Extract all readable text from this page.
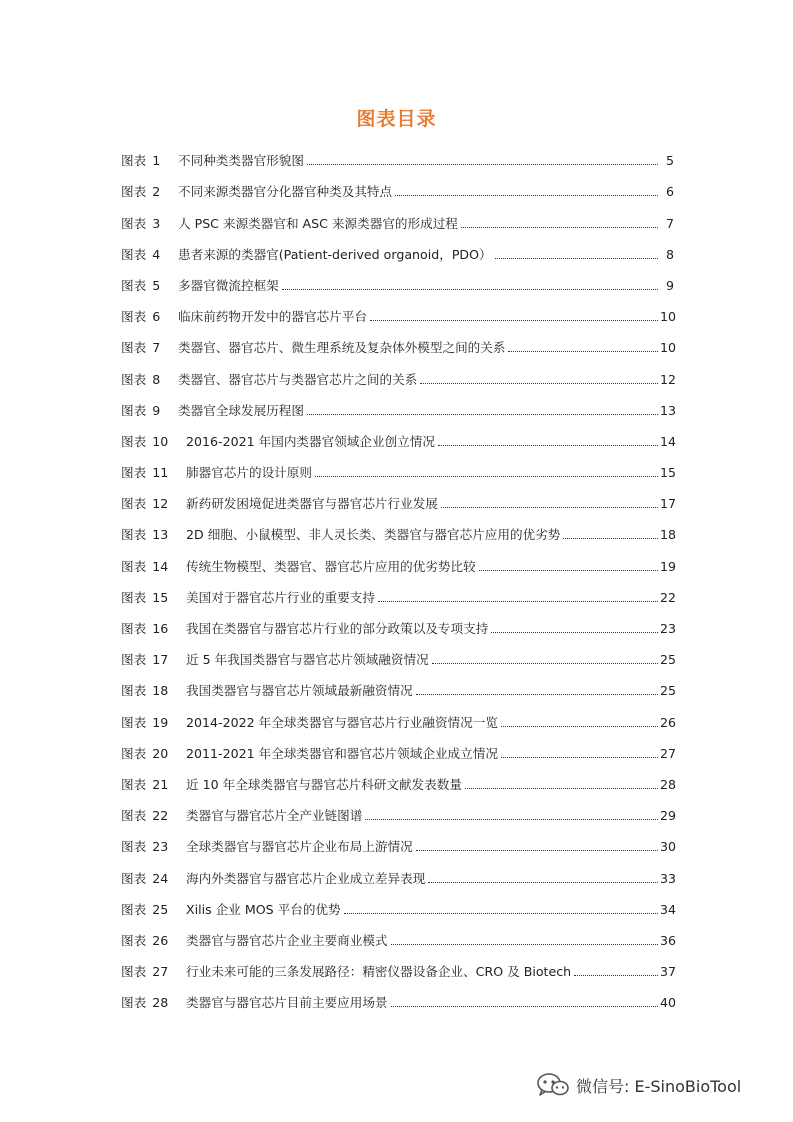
图表目录
图表 1 不同种类类器官形貌图	5
图表 2 不同来源类器官分化器官种类及其特点	6
图表 3 人 PSC 来源类器官和 ASC 来源类器官的形成过程	7
图表 4 患者来源的类器官(Patient-derived organoid，PDO）	8
图表 5 多器官微流控框架	9
图表 6 临床前药物开发中的器官芯片平台	10
图表 7 类器官、器官芯片、微生理系统及复杂体外模型之间的关系	10
图表 8 类器官、器官芯片与类器官芯片之间的关系	12
图表 9 类器官全球发展历程图	13
图表 10 2016-2021 年国内类器官领域企业创立情况	14
图表 11 肺器官芯片的设计原则	15
图表 12 新药研发困境促进类器官与器官芯片行业发展	17
图表 13 2D 细胞、小鼠模型、非人灵长类、类器官与器官芯片应用的优劣势	18
图表 14 传统生物模型、类器官、器官芯片应用的优劣势比较	19
图表 15 美国对于器官芯片行业的重要支持	22
图表 16 我国在类器官与器官芯片行业的部分政策以及专项支持	23
图表 17 近 5 年我国类器官与器官芯片领域融资情况	25
图表 18 我国类器官与器官芯片领域最新融资情况	25
图表 19 2014-2022 年全球类器官与器官芯片行业融资情况一览	26
图表 20 2011-2021 年全球类器官和器官芯片领域企业成立情况	27
图表 21 近 10 年全球类器官与器官芯片科研文献发表数量	28
图表 22 类器官与器官芯片全产业链图谱	29
图表 23 全球类器官与器官芯片企业布局上游情况	30
图表 24 海内外类器官与器官芯片企业成立差异表现	33
图表 25 Xilis 企业 MOS 平台的优势	34
图表 26 类器官与器官芯片企业主要商业模式	36
图表 27 行业未来可能的三条发展路径：精密仪器设备企业、CRO 及 Biotech	37
图表 28 类器官与器官芯片目前主要应用场景	40
微信号: E-SinoBioTool
